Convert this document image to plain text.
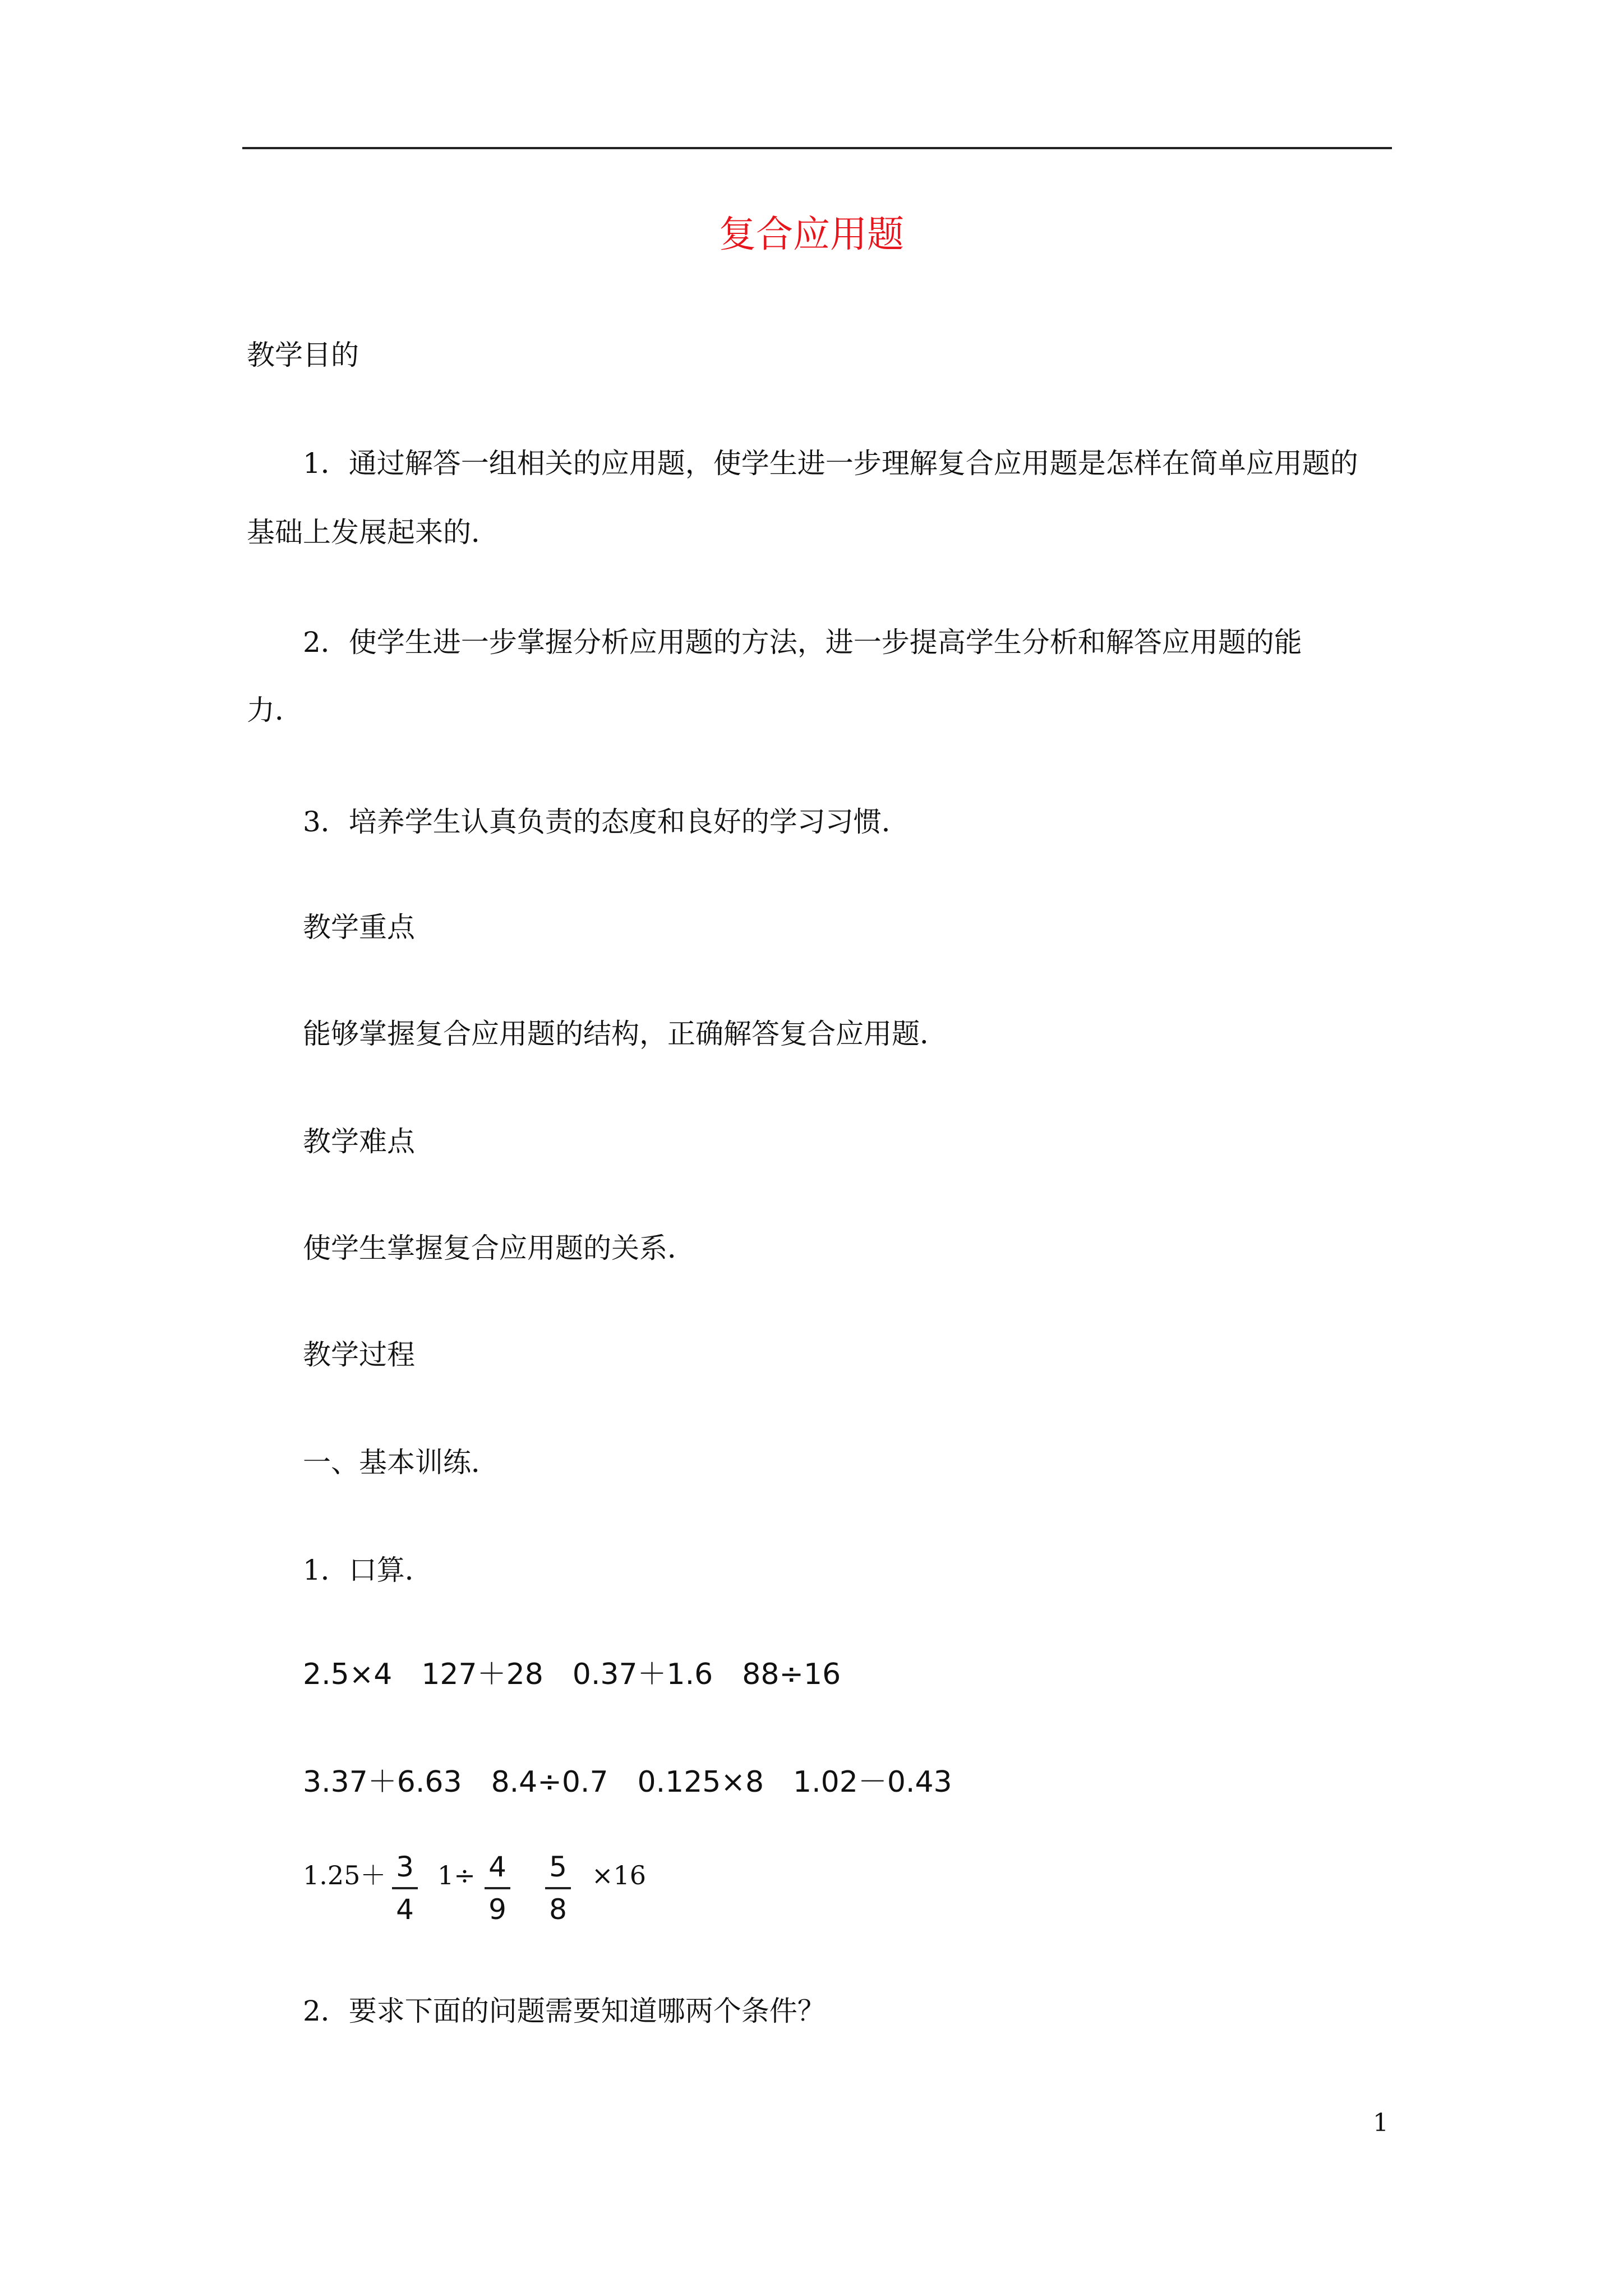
复合应用题
教学目的
1．通过解答一组相关的应用题，使学生进一步理解复合应用题是怎样在简单应用题的
基础上发展起来的．
2．使学生进一步掌握分析应用题的方法，进一步提高学生分析和解答应用题的能
力．
3．培养学生认真负责的态度和良好的学习习惯．
教学重点
能够掌握复合应用题的结构，正确解答复合应用题．
教学难点
使学生掌握复合应用题的关系．
教学过程
一、基本训练．
1．口算．
2.5×4　127＋28　0.37＋1.6　88÷16
3.37＋6.63　8.4÷0.7　0.125×8　1.02－0.43
1.25＋ 3
4
1÷ 4
9
5
8
×16
2．要求下面的问题需要知道哪两个条件？
1
